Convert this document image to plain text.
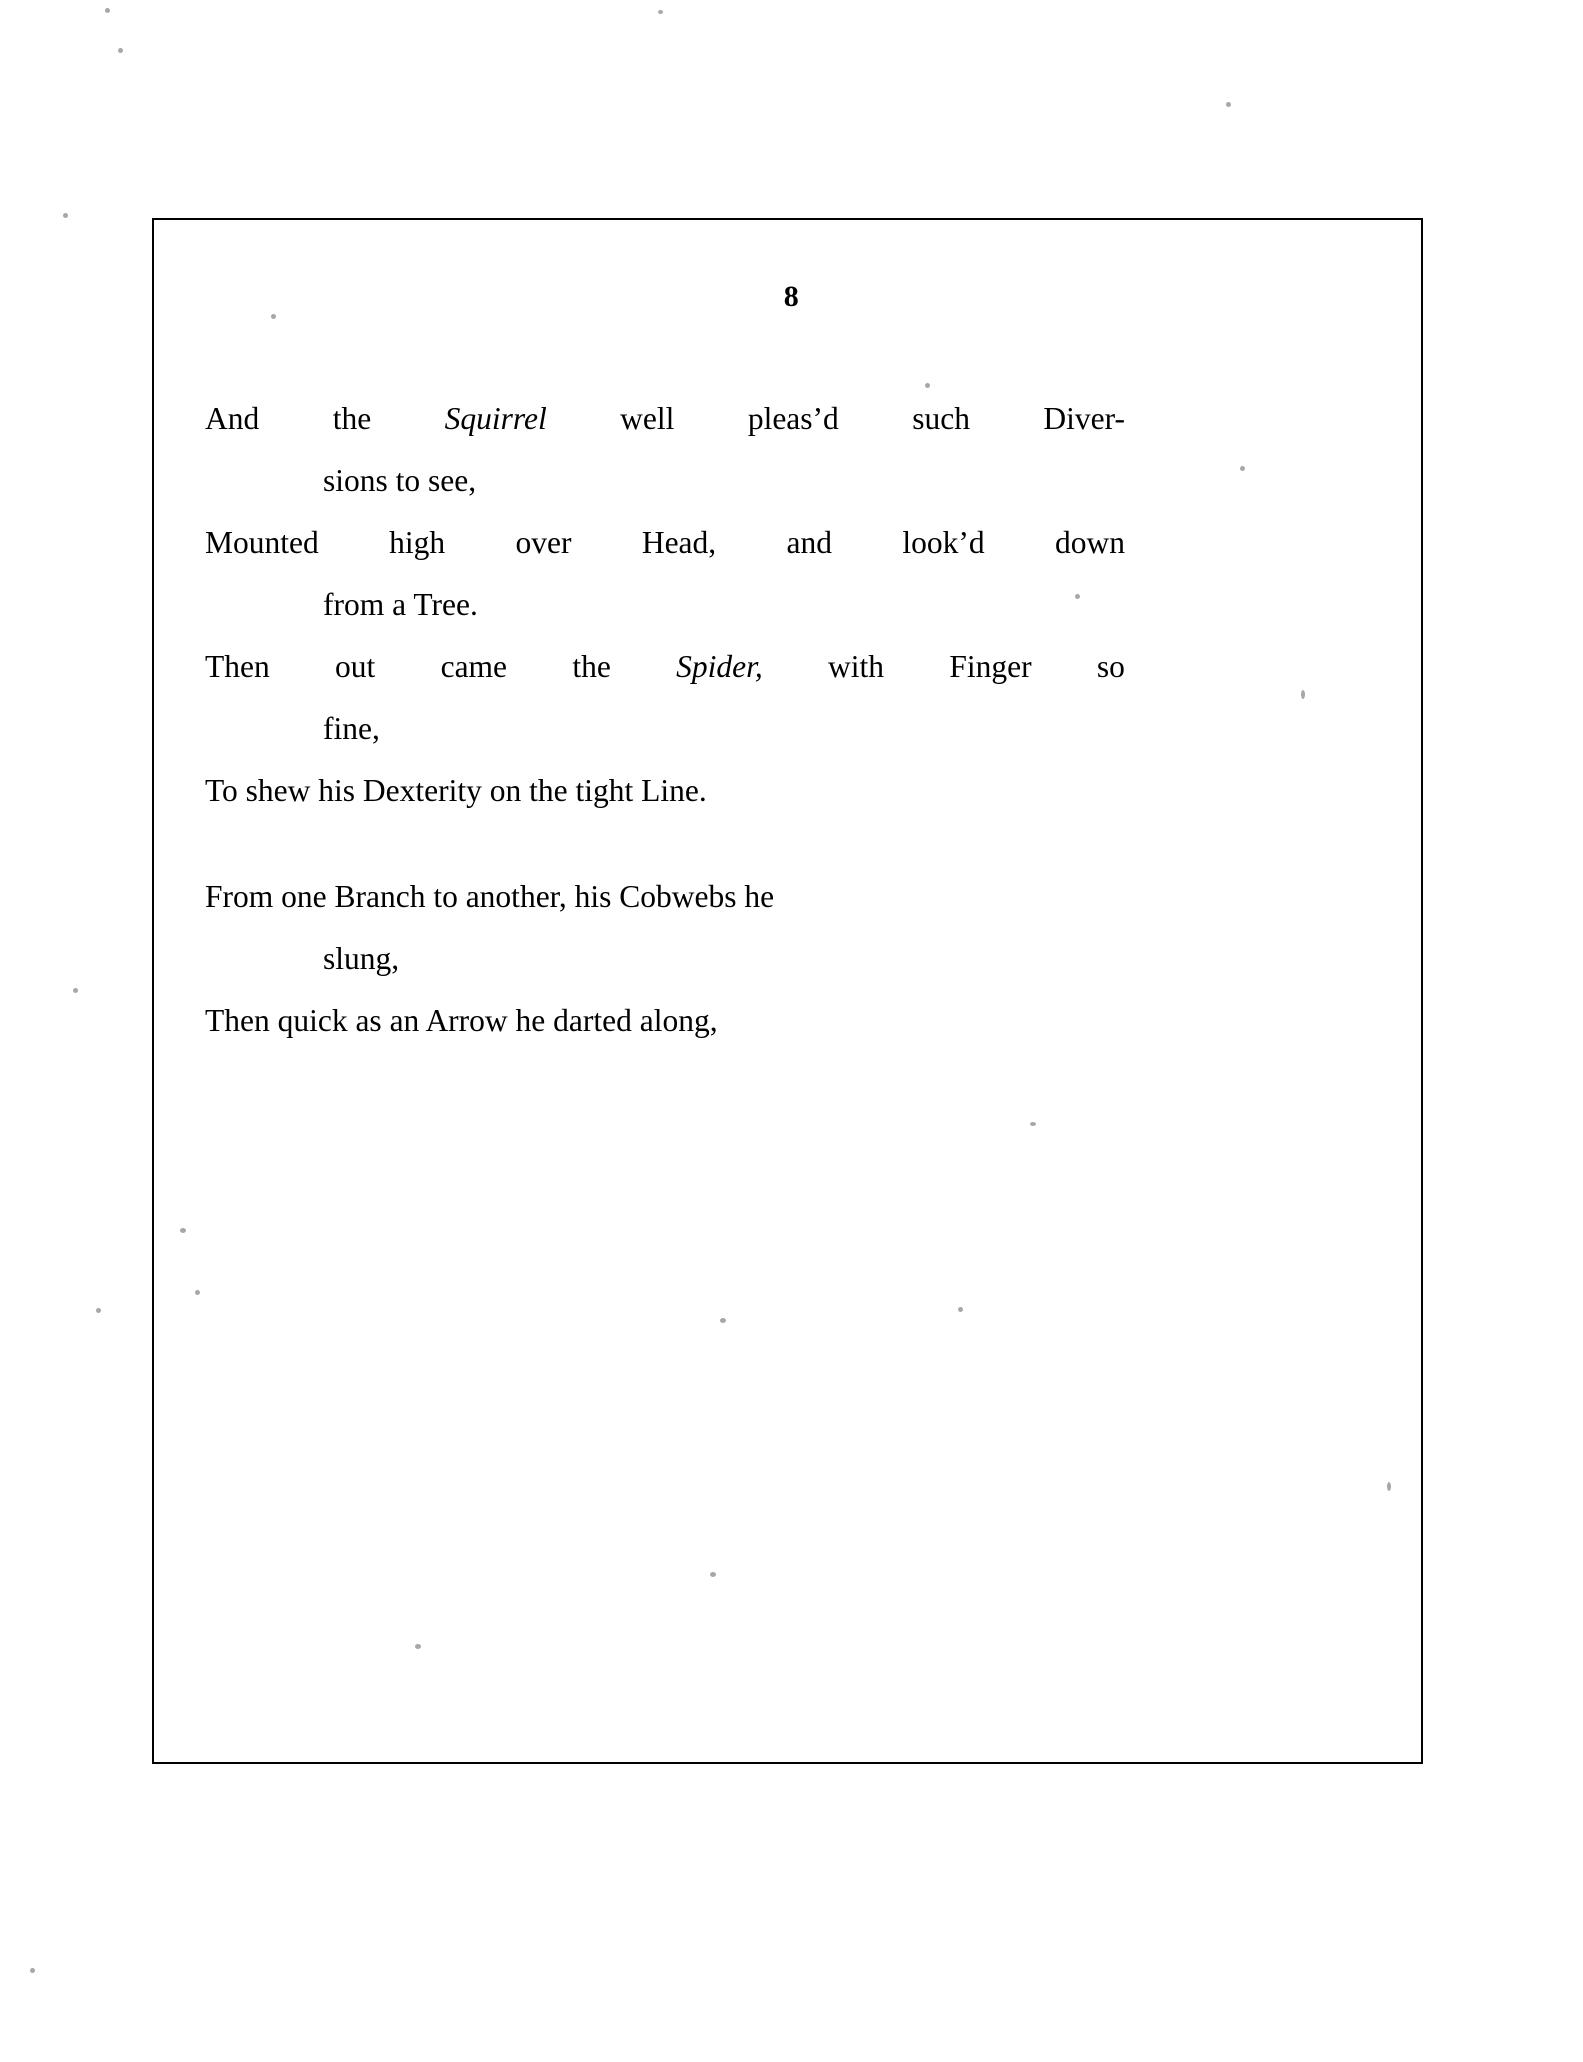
8
And the Squirrel well pleas’d such Diver-
sions to see,
Mounted high over Head, and look’d down
from a Tree.
Then out came the Spider, with Finger so
fine,
To shew his Dexterity on the tight Line.
From one Branch to another, his Cobwebs he
slung,
Then quick as an Arrow he darted along,
